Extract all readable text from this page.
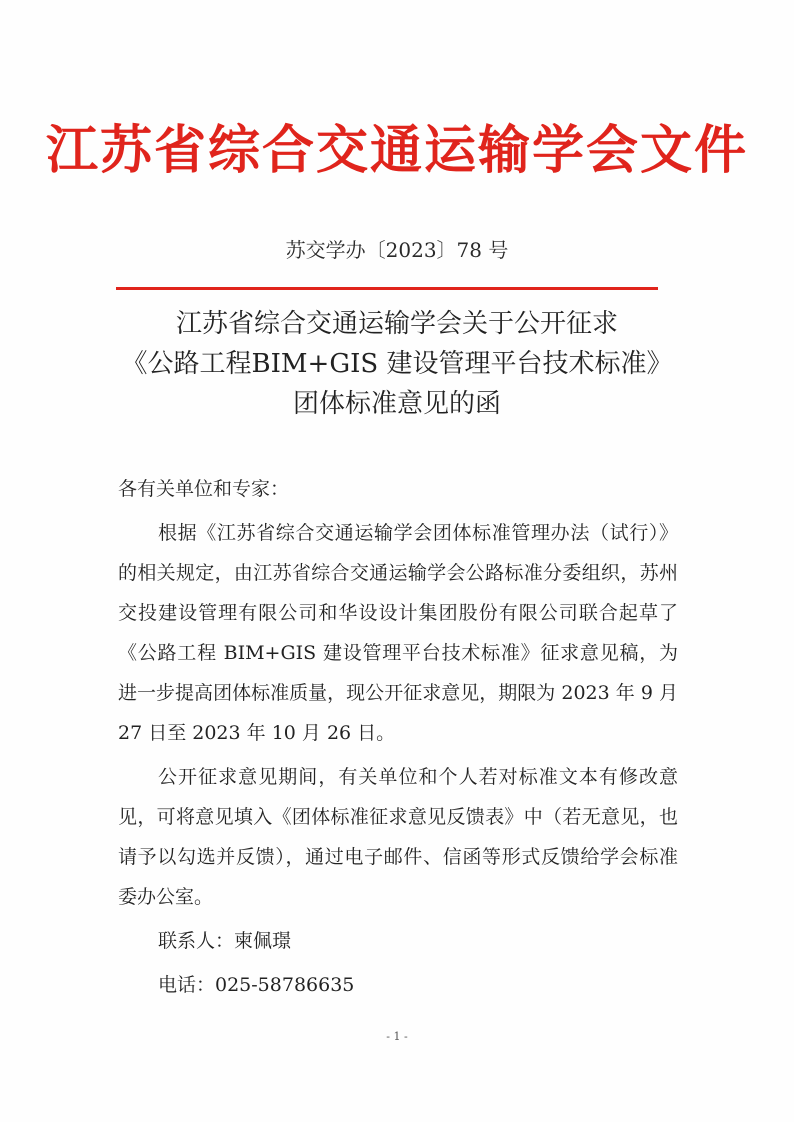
江苏省综合交通运输学会文件
苏交学办〔2023〕78 号
江苏省综合交通运输学会关于公开征求
《公路工程BIM+GIS 建设管理平台技术标准》
团体标准意见的函
各有关单位和专家：

根据《江苏省综合交通运输学会团体标准管理办法（试行）》的相关规定，由江苏省综合交通运输学会公路标准分委组织，苏州交投建设管理有限公司和华设设计集团股份有限公司联合起草了《公路工程 BIM+GIS 建设管理平台技术标准》征求意见稿，为进一步提高团体标准质量，现公开征求意见，期限为 2023 年 9 月 27 日至 2023 年 10 月 26 日。

公开征求意见期间，有关单位和个人若对标准文本有修改意见，可将意见填入《团体标准征求意见反馈表》中（若无意见，也请予以勾选并反馈），通过电子邮件、信函等形式反馈给学会标准委办公室。

联系人：柬佩璟
电话：025-58786635
- 1 -
